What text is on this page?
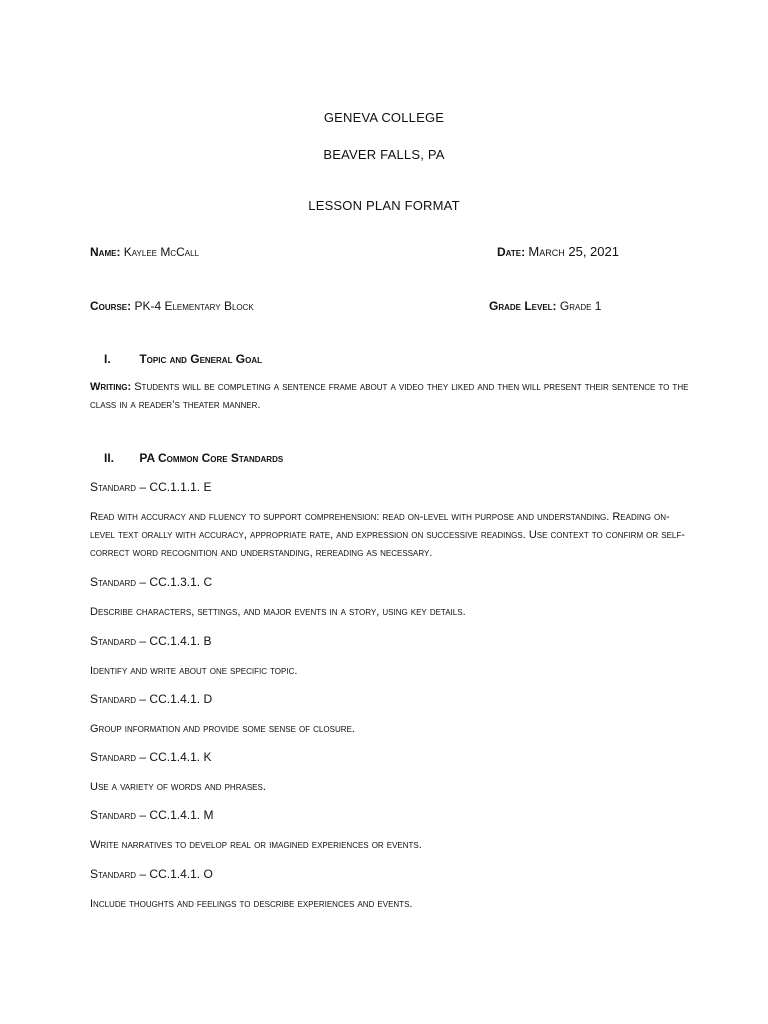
GENEVA COLLEGE
BEAVER FALLS, PA
LESSON PLAN FORMAT
Name: Kaylee McCall	Date: March 25, 2021
Course: PK-4 Elementary Block	Grade Level: Grade 1
I. Topic and General Goal
Writing: Students will be completing a sentence frame about a video they liked and then will present their sentence to the class in a reader’s theater manner.
II. PA Common Core Standards
Standard – CC.1.1.1. E
Read with accuracy and fluency to support comprehension: read on-level with purpose and understanding. Reading on-level text orally with accuracy, appropriate rate, and expression on successive readings. Use context to confirm or self-correct word recognition and understanding, rereading as necessary.
Standard – CC.1.3.1. C
Describe characters, settings, and major events in a story, using key details.
Standard – CC.1.4.1. B
Identify and write about one specific topic.
Standard – CC.1.4.1. D
Group information and provide some sense of closure.
Standard – CC.1.4.1. K
Use a variety of words and phrases.
Standard – CC.1.4.1. M
Write narratives to develop real or imagined experiences or events.
Standard – CC.1.4.1. O
Include thoughts and feelings to describe experiences and events.
